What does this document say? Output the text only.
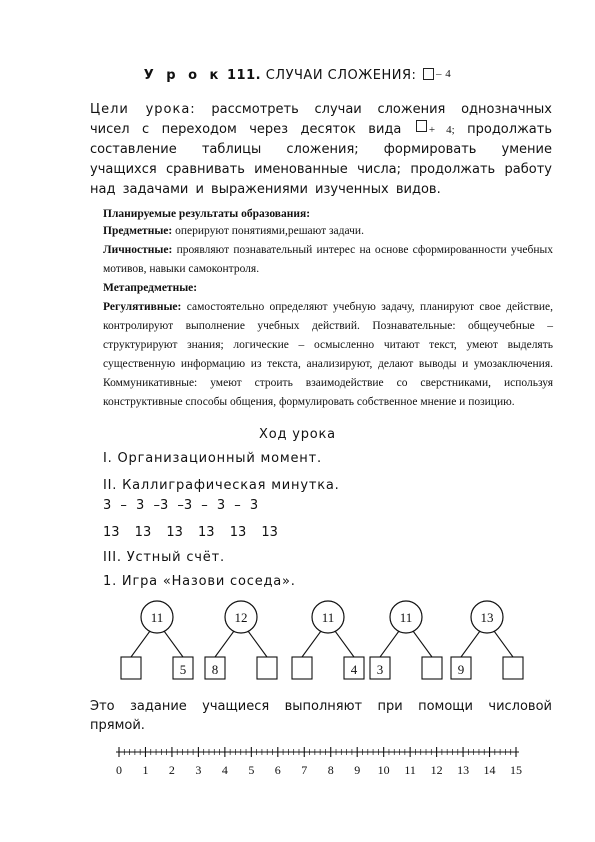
У р о к 111. СЛУЧАИ СЛОЖЕНИЯ: $^{- 4}$
Цели урока: рассмотреть случаи сложения однозначных чисел с переходом через десяток вида $^{+ 4;}$ продолжать составление таблицы сложения; формировать умение учащихся сравнивать именованные числа; продолжать работу над задачами и выражениями изученных видов.
Планируемые результаты образования:
Предметные: оперируют понятиями,решают задачи.
Личностные: проявляют познавательный интерес на основе сформированности учебных мотивов, навыки самоконтроля.
Метапредметные:
Регулятивные: самостоятельно определяют учебную задачу, планируют свое действие, контролируют выполнение учебных действий. Познавательные: общеучебные – структурируют знания; логические – осмысленно читают текст, умеют выделять существенную информацию из текста, анализируют, делают выводы и умозаключения. Коммуникативные: умеют строить взаимодействие со сверстниками, используя конструктивные способы общения, формулировать собственное мнение и позицию.
Ход урока
I. Организационный момент.
II. Каллиграфическая минутка.
3 – 3 –3 –3 – 3 – 3
13 13 13 13 13 13
III. Устный счёт.
1. Игра «Назови соседа».
11
5
12
8
11
4
11
3
13
9
Это задание учащиеся выполняют при помощи числовой прямой.
0 1 2 3 4 5 6 7 8 9 10 11 12 13 14 15
